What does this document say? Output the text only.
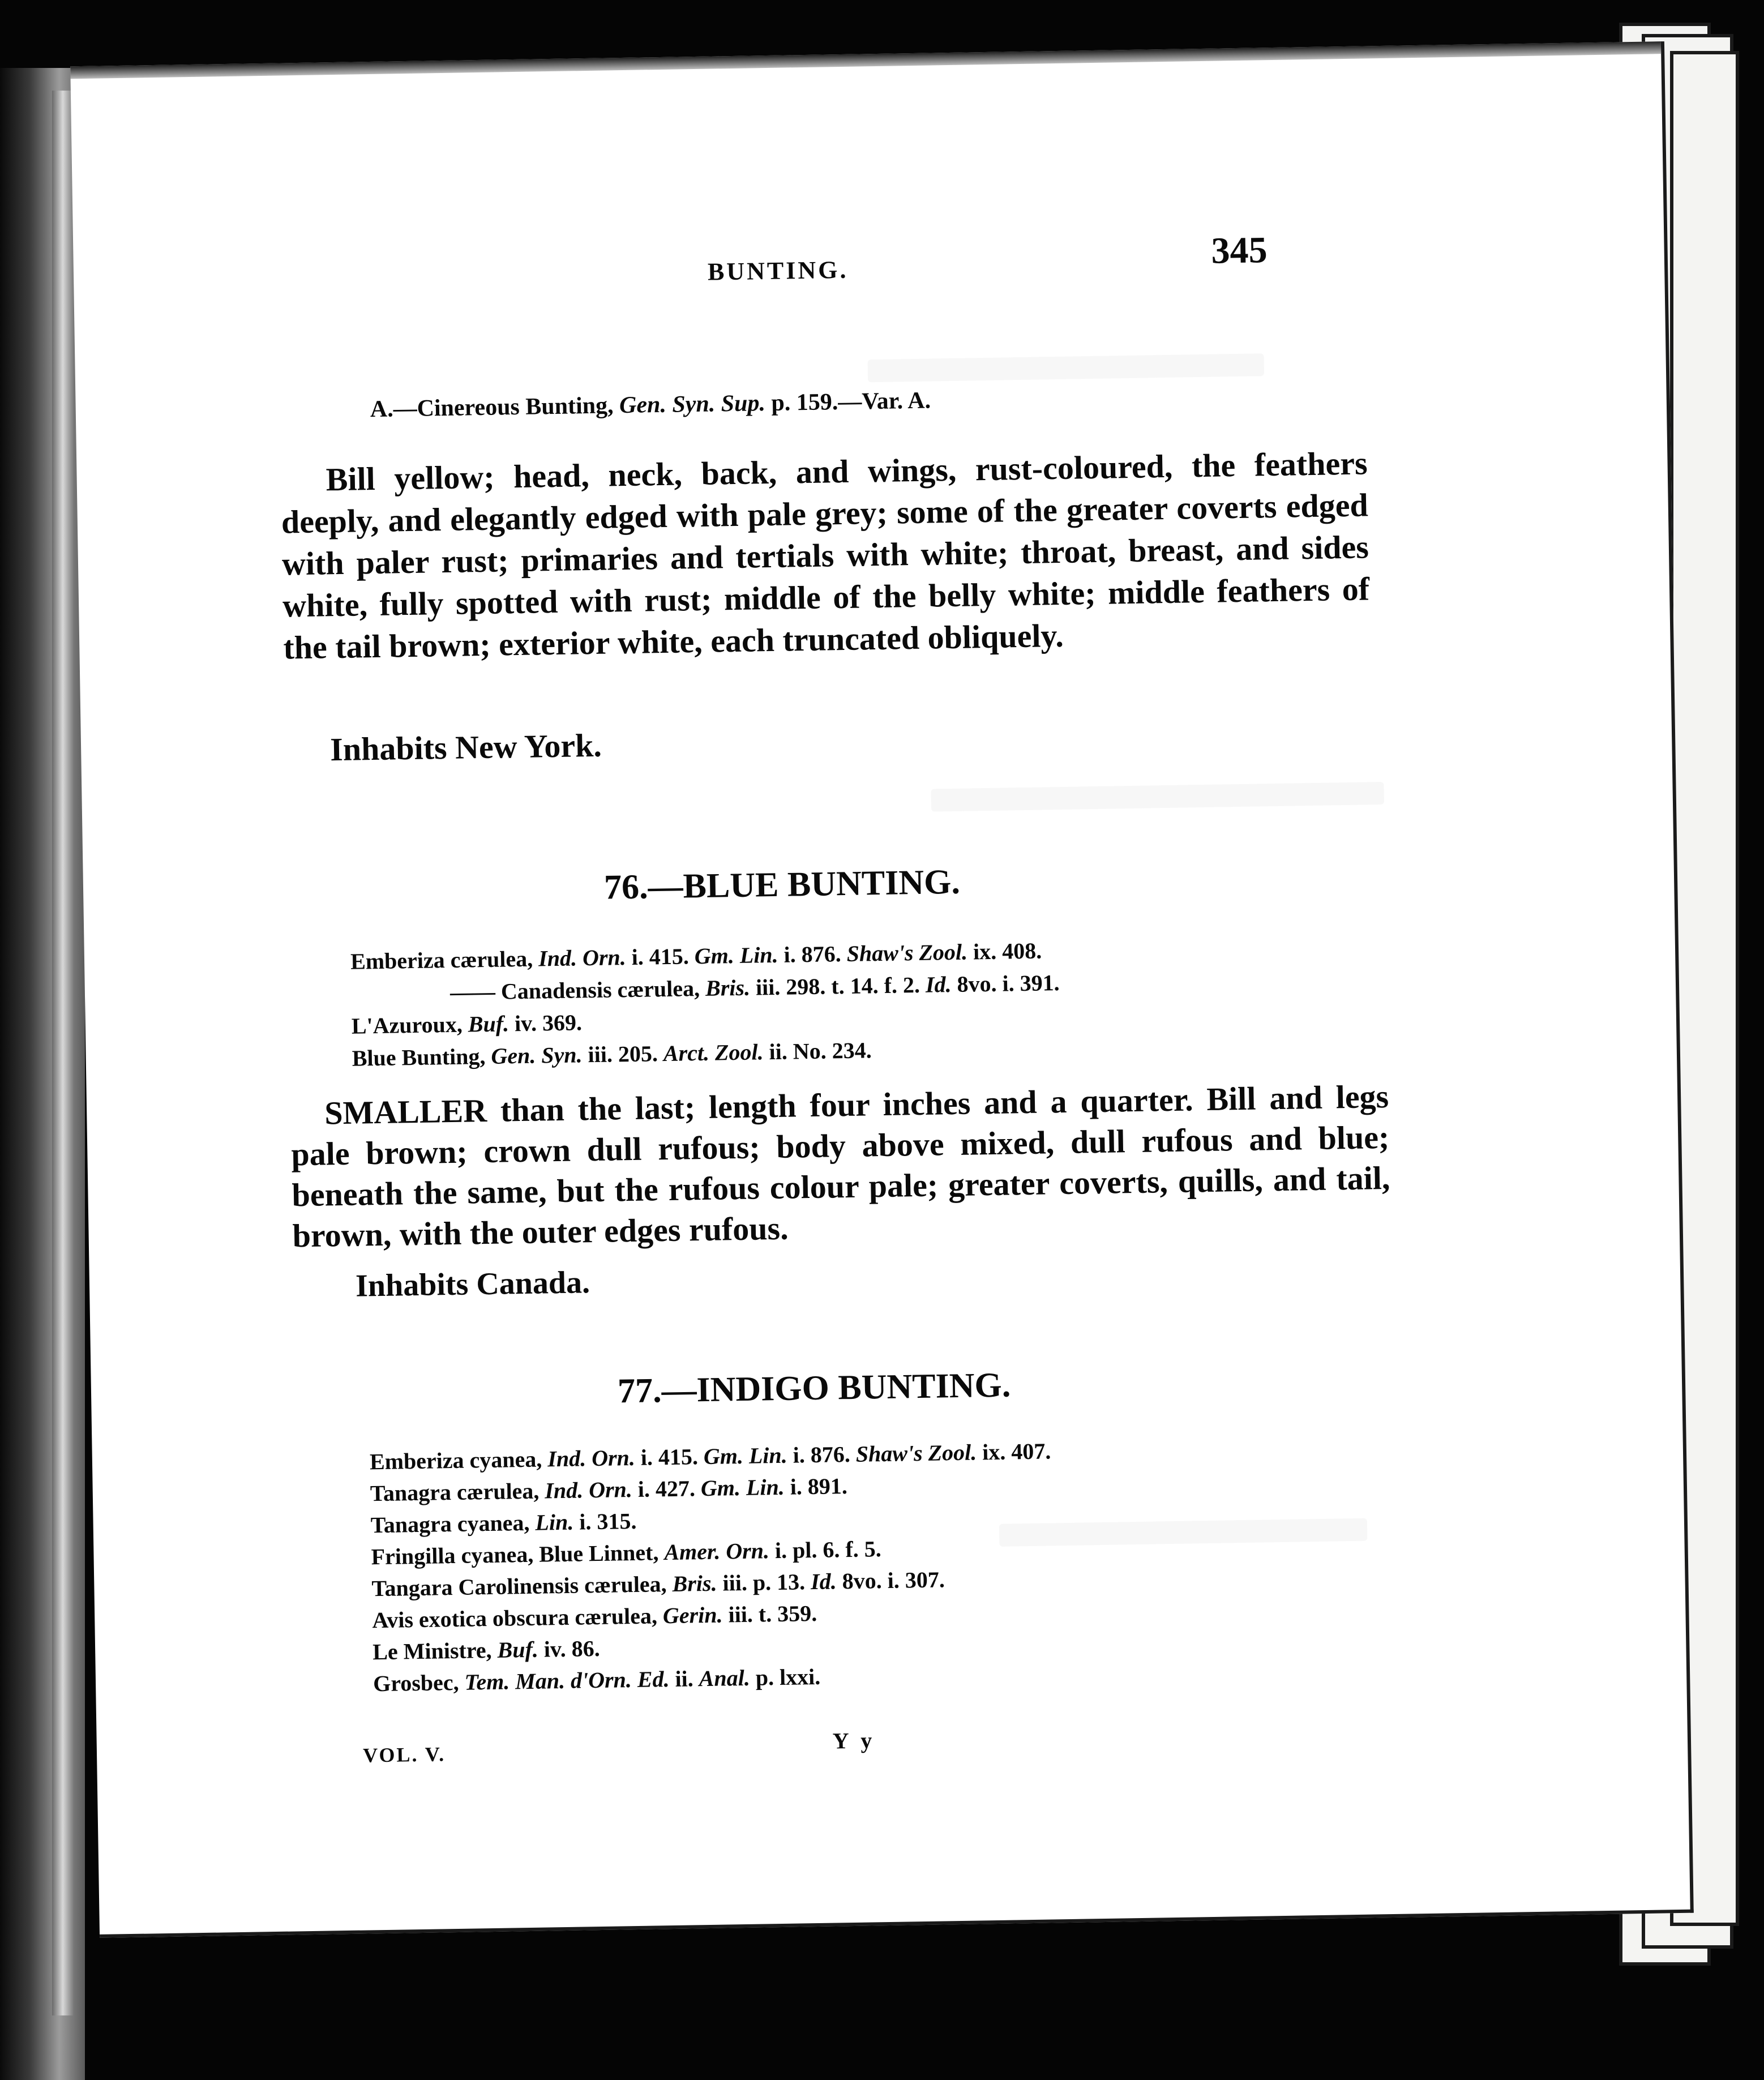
BUNTING.	345
A.—Cinereous Bunting, Gen. Syn. Sup. p. 159.—Var. A.

Bill yellow; head, neck, back, and wings, rust-coloured, the feathers deeply, and elegantly edged with pale grey; some of the greater coverts edged with paler rust; primaries and tertials with white; throat, breast, and sides white, fully spotted with rust; middle of the belly white; middle feathers of the tail brown; exterior white, each truncated obliquely.

Inhabits New York.
76.—BLUE BUNTING.
Emberiza cærulea, Ind. Orn. i. 415. Gm. Lin. i. 876. Shaw's Zool. ix. 408.
—— Canadensis cærulea, Bris. iii. 298. t. 14. f. 2. Id. 8vo. i. 391.
L'Azuroux, Buf. iv. 369.
Blue Bunting, Gen. Syn. iii. 205. Arct. Zool. ii. No. 234.

SMALLER than the last; length four inches and a quarter. Bill and legs pale brown; crown dull rufous; body above mixed, dull rufous and blue; beneath the same, but the rufous colour pale; greater coverts, quills, and tail, brown, with the outer edges rufous.

Inhabits Canada.
77.—INDIGO BUNTING.
Emberiza cyanea, Ind. Orn. i. 415. Gm. Lin. i. 876. Shaw's Zool. ix. 407.
Tanagra cærulea, Ind. Orn. i. 427. Gm. Lin. i. 891.
Tanagra cyanea, Lin. i. 315.
Fringilla cyanea, Blue Linnet, Amer. Orn. i. pl. 6. f. 5.
Tangara Carolinensis cærulea, Bris. iii. p. 13. Id. 8vo. i. 307.
Avis exotica obscura cærulea, Gerin. iii. t. 359.
Le Ministre, Buf. iv. 86.
Grosbec, Tem. Man. d'Orn. Ed. ii. Anal. p. lxxi.
VOL. V.
Y y
